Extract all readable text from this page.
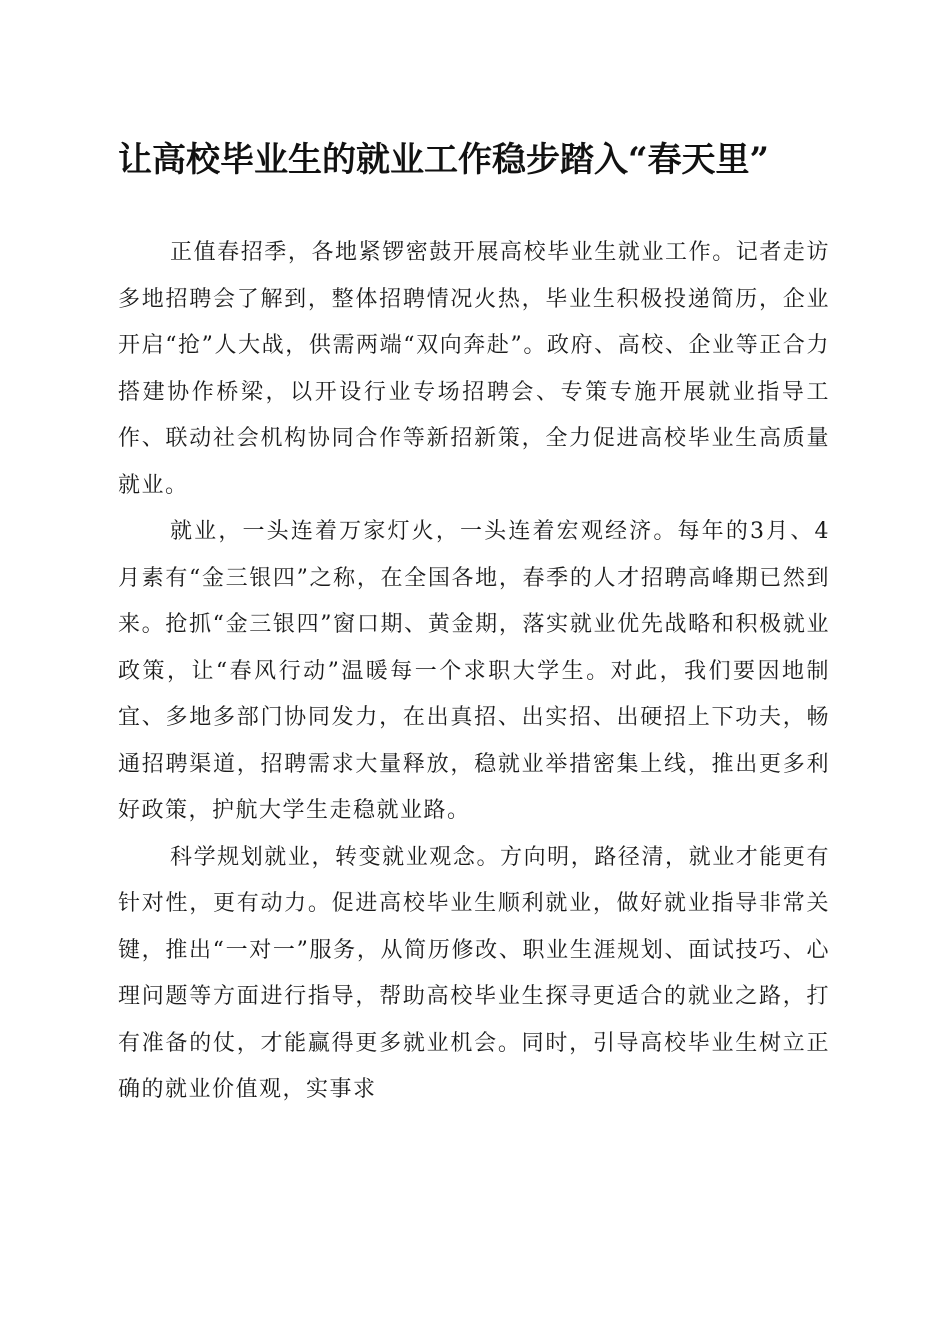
让高校毕业生的就业工作稳步踏入“春天里”

正值春招季，各地紧锣密鼓开展高校毕业生就业工作。记者走访多地招聘会了解到，整体招聘情况火热，毕业生积极投递简历，企业开启“抢”人大战，供需两端“双向奔赴”。政府、高校、企业等正合力搭建协作桥梁，以开设行业专场招聘会、专策专施开展就业指导工作、联动社会机构协同合作等新招新策，全力促进高校毕业生高质量就业。

就业，一头连着万家灯火，一头连着宏观经济。每年的3月、4月素有“金三银四”之称，在全国各地，春季的人才招聘高峰期已然到来。抢抓“金三银四”窗口期、黄金期，落实就业优先战略和积极就业政策，让“春风行动”温暖每一个求职大学生。对此，我们要因地制宜、多地多部门协同发力，在出真招、出实招、出硬招上下功夫，畅通招聘渠道，招聘需求大量释放，稳就业举措密集上线，推出更多利好政策，护航大学生走稳就业路。

科学规划就业，转变就业观念。方向明，路径清，就业才能更有针对性，更有动力。促进高校毕业生顺利就业，做好就业指导非常关键，推出“一对一”服务，从简历修改、职业生涯规划、面试技巧、心理问题等方面进行指导，帮助高校毕业生探寻更适合的就业之路，打有准备的仗，才能赢得更多就业机会。同时，引导高校毕业生树立正确的就业价值观，实事求
